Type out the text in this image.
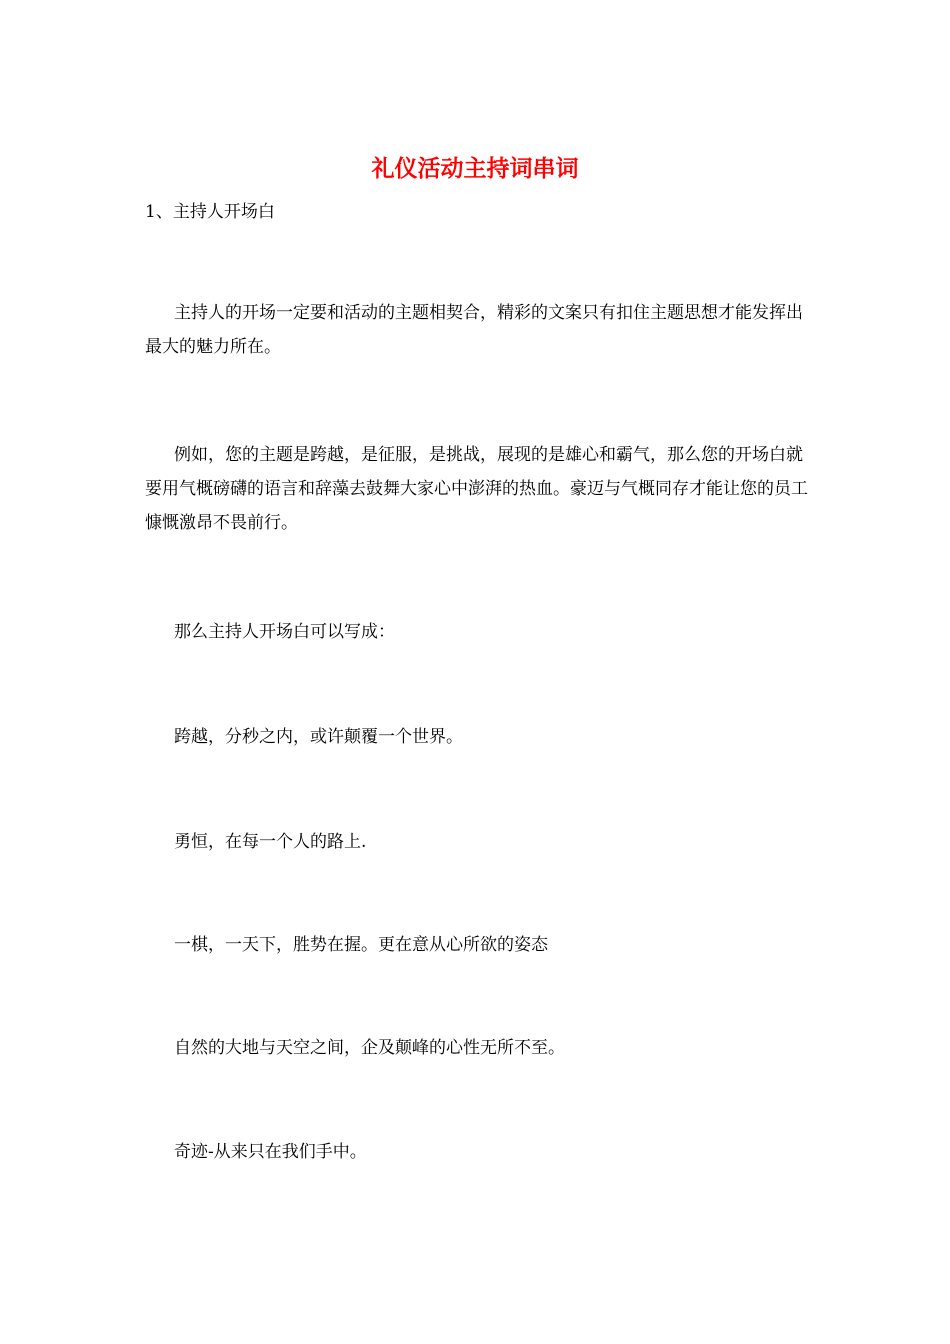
礼仪活动主持词串词
1、主持人开场白

主持人的开场一定要和活动的主题相契合，精彩的文案只有扣住主题思想才能发挥出最大的魅力所在。

例如，您的主题是跨越，是征服，是挑战，展现的是雄心和霸气，那么您的开场白就要用气概磅礴的语言和辞藻去鼓舞大家心中澎湃的热血。豪迈与气概同存才能让您的员工慷慨激昂不畏前行。

那么主持人开场白可以写成：

跨越，分秒之内，或许颠覆一个世界。

勇恒，在每一个人的路上.

一棋，一天下，胜势在握。更在意从心所欲的姿态

自然的大地与天空之间，企及颠峰的心性无所不至。

奇迹-从来只在我们手中。
